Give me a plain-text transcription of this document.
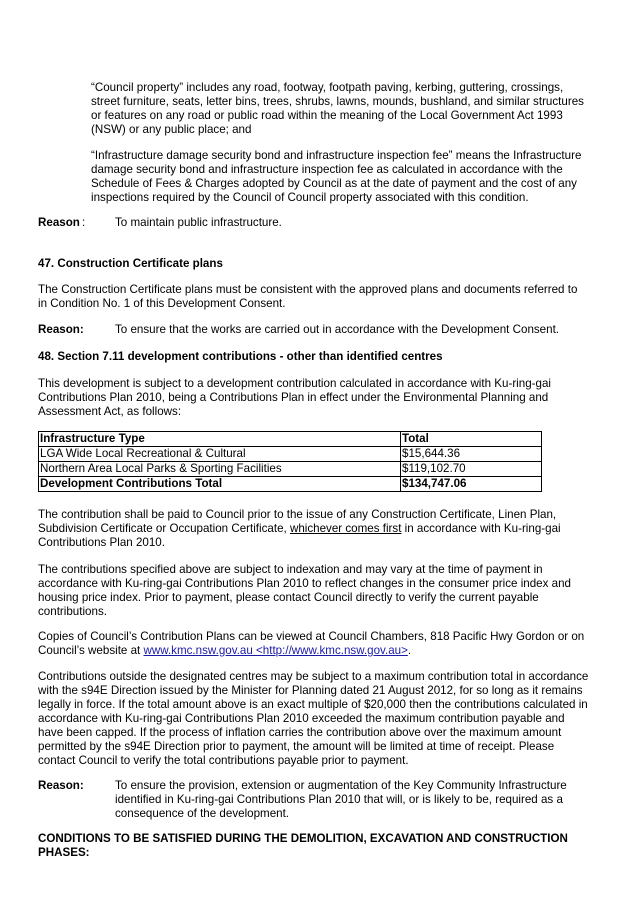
“Council property” includes any road, footway, footpath paving, kerbing, guttering, crossings,

street furniture, seats, letter bins, trees, shrubs, lawns, mounds, bushland, and similar structures

or features on any road or public road within the meaning of the Local Government Act 1993

(NSW) or any public place; and

“Infrastructure damage security bond and infrastructure inspection fee” means the Infrastructure

damage security bond and infrastructure inspection fee as calculated in accordance with the

Schedule of Fees & Charges adopted by Council as at the date of payment and the cost of any

inspections required by the Council of Council property associated with this condition.

Reason :	To maintain public infrastructure.

47. Construction Certificate plans

The Construction Certificate plans must be consistent with the approved plans and documents referred to

in Condition No. 1 of this Development Consent.

Reason:	To ensure that the works are carried out in accordance with the Development Consent.

48. Section 7.11 development contributions - other than identified centres

This development is subject to a development contribution calculated in accordance with Ku-ring-gai

Contributions Plan 2010, being a Contributions Plan in effect under the Environmental Planning and

Assessment Act, as follows:

Infrastructure Type	Total
LGA Wide Local Recreational & Cultural	$15,644.36
Northern Area Local Parks & Sporting Facilities	$119,102.70
Development Contributions Total	$134,747.06

The contribution shall be paid to Council prior to the issue of any Construction Certificate, Linen Plan,

Subdivision Certificate or Occupation Certificate, whichever comes first in accordance with Ku-ring-gai

Contributions Plan 2010.

The contributions specified above are subject to indexation and may vary at the time of payment in

accordance with Ku-ring-gai Contributions Plan 2010 to reflect changes in the consumer price index and

housing price index. Prior to payment, please contact Council directly to verify the current payable

contributions.

Copies of Council’s Contribution Plans can be viewed at Council Chambers, 818 Pacific Hwy Gordon or on

Council’s website at www.kmc.nsw.gov.au <http://www.kmc.nsw.gov.au>.

Contributions outside the designated centres may be subject to a maximum contribution total in accordance

with the s94E Direction issued by the Minister for Planning dated 21 August 2012, for so long as it remains

legally in force. If the total amount above is an exact multiple of $20,000 then the contributions calculated in

accordance with Ku-ring-gai Contributions Plan 2010 exceeded the maximum contribution payable and

have been capped. If the process of inflation carries the contribution above over the maximum amount

permitted by the s94E Direction prior to payment, the amount will be limited at time of receipt. Please

contact Council to verify the total contributions payable prior to payment.

Reason:	To ensure the provision, extension or augmentation of the Key Community Infrastructure

identified in Ku-ring-gai Contributions Plan 2010 that will, or is likely to be, required as a

consequence of the development.

CONDITIONS TO BE SATISFIED DURING THE DEMOLITION, EXCAVATION AND CONSTRUCTION

PHASES:
